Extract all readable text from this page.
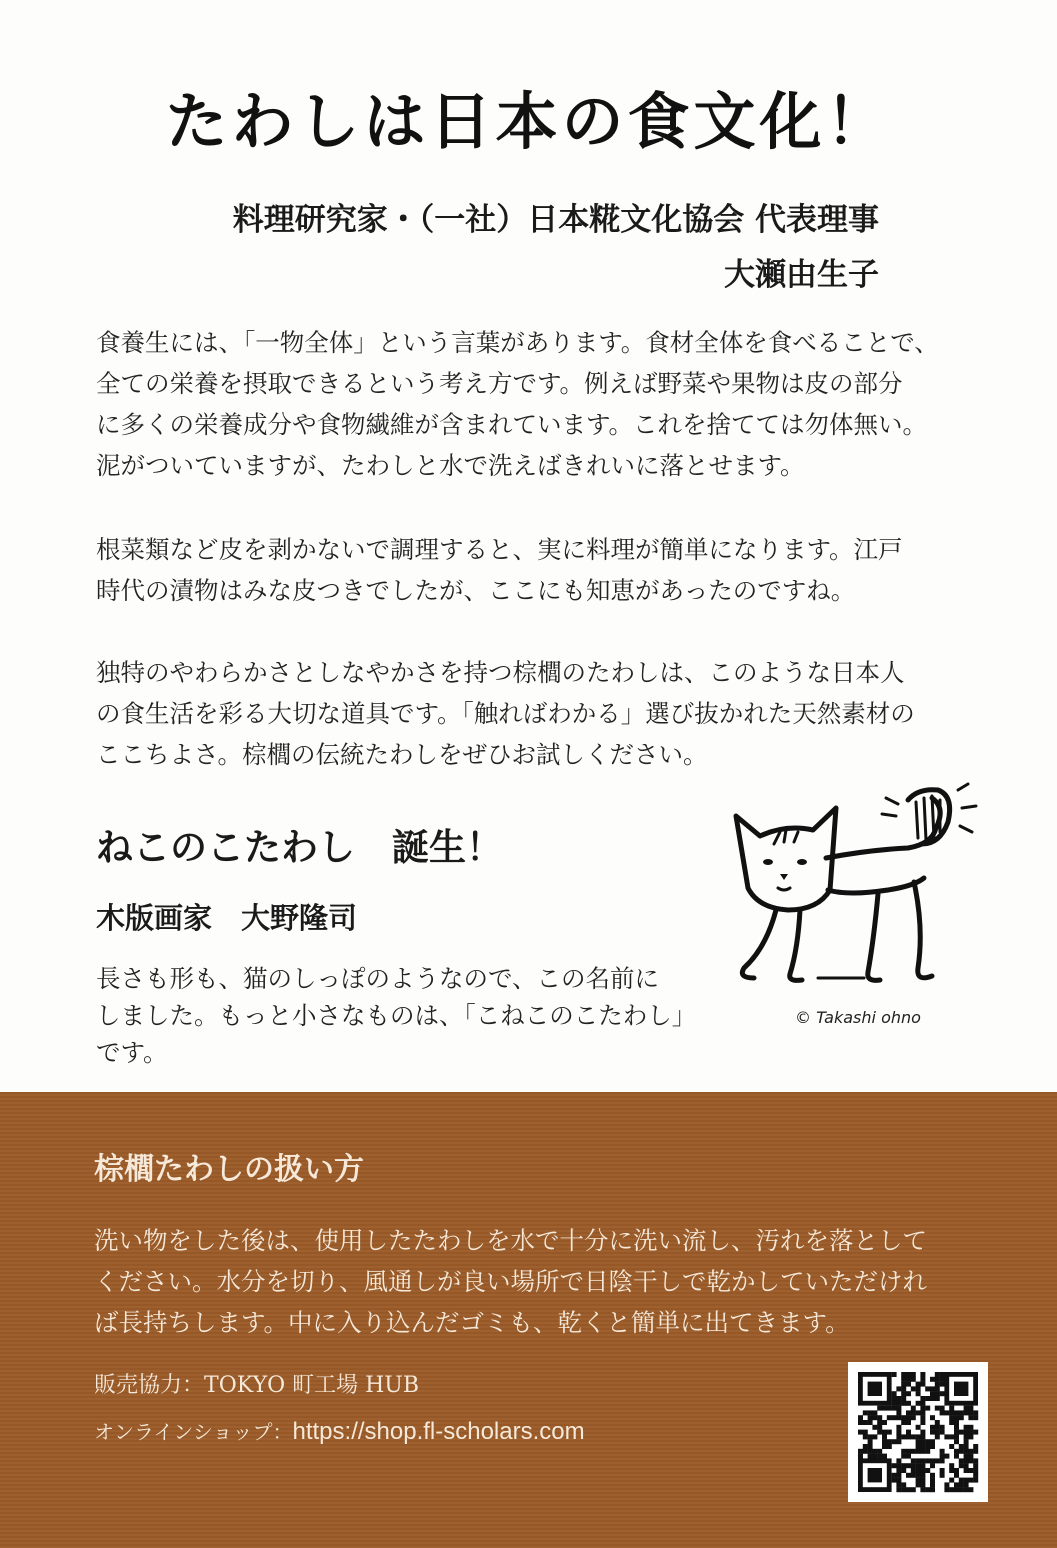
たわしは日本の食文化！
料理研究家・（一社）日本糀文化協会 代表理事
大瀬由生子
食養生には、「一物全体」という言葉があります。食材全体を食べることで、
全ての栄養を摂取できるという考え方です。例えば野菜や果物は皮の部分
に多くの栄養成分や食物繊維が含まれています。これを捨てては勿体無い。
泥がついていますが、たわしと水で洗えばきれいに落とせます。
根菜類など皮を剥かないで調理すると、実に料理が簡単になります。江戸
時代の漬物はみな皮つきでしたが、ここにも知恵があったのですね。
独特のやわらかさとしなやかさを持つ棕櫚のたわしは、このような日本人
の食生活を彩る大切な道具です。「触ればわかる」選び抜かれた天然素材の
ここちよさ。棕櫚の伝統たわしをぜひお試しください。
ねこのこたわし　誕生！
木版画家　大野隆司
長さも形も、猫のしっぽのようなので、この名前に
しました。もっと小さなものは、「こねこのこたわし」
です。
© Takashi ohno
棕櫚たわしの扱い方
洗い物をした後は、使用したたわしを水で十分に洗い流し、汚れを落として
ください。水分を切り、風通しが良い場所で日陰干しで乾かしていただけれ
ば長持ちします。中に入り込んだゴミも、乾くと簡単に出てきます。
販売協力：TOKYO 町工場 HUB
オンラインショップ：https://shop.fl-scholars.com
